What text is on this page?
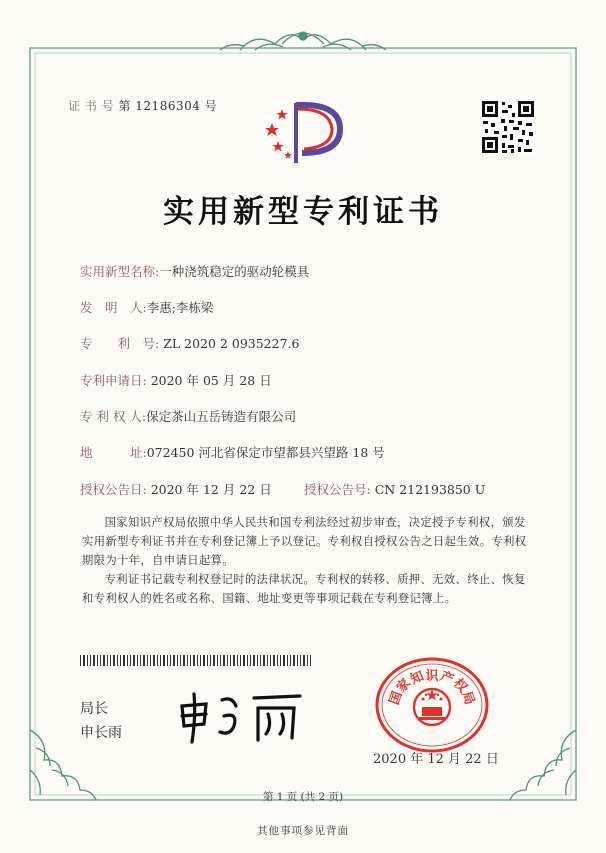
证 书 号 第 12186304 号
实用新型专利证书
实用新型名称:一种浇筑稳定的驱动轮模具
发　明　人:李惠;李栋梁
专　　利　号: ZL 2020 2 0935227.6
专利申请日: 2020 年 05 月 28 日
专 利 权 人:保定茶山五岳铸造有限公司
地　　　址:072450 河北省保定市望都县兴望路 18 号
授权公告日: 2020 年 12 月 22 日	授权公告号: CN 212193850 U
国家知识产权局依照中华人民共和国专利法经过初步审查，决定授予专利权，颁发实用新型专利证书并在专利登记簿上予以登记。专利权自授权公告之日起生效。专利权期限为十年，自申请日起算。
专利证书记载专利权登记时的法律状况。专利权的转移、质押、无效、终止、恢复和专利权人的姓名或名称、国籍、地址变更等事项记载在专利登记簿上。
局长
申长雨
国
家
知 识 产
权
局
2020 年 12 月 22 日
第 1 页 (共 2 页)
其他事项参见背面
